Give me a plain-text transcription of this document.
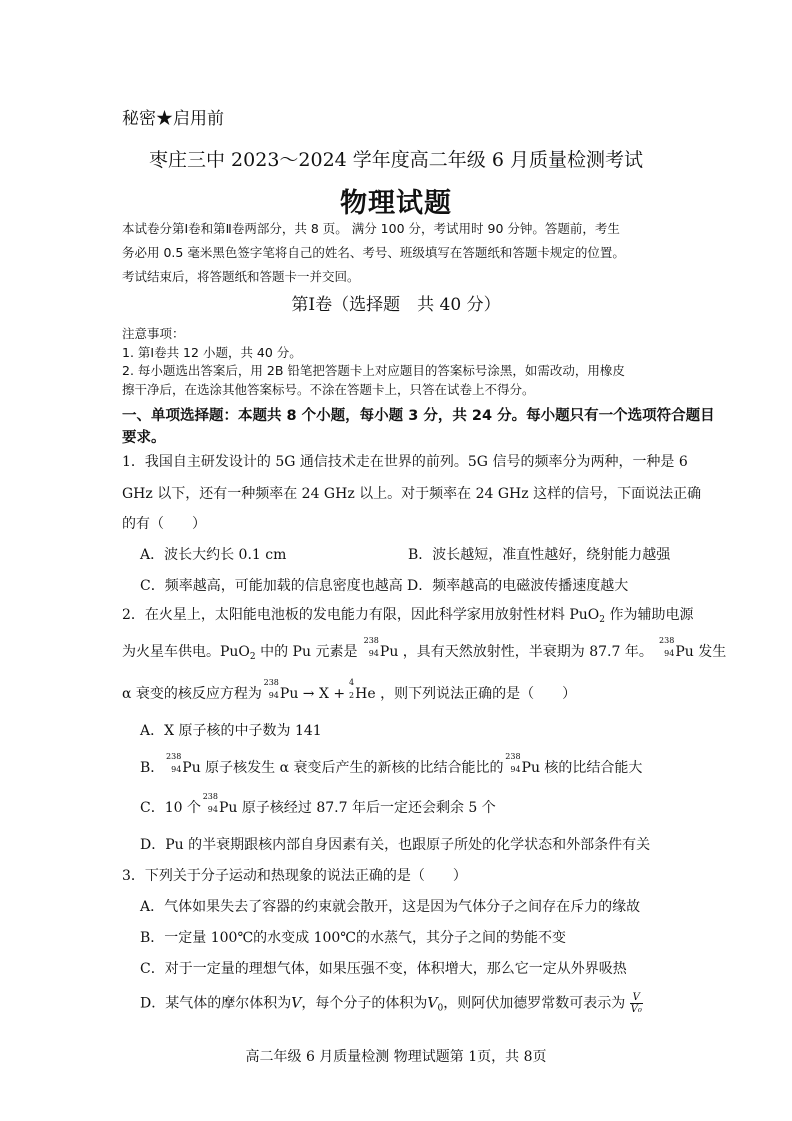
秘密★启用前
枣庄三中 2023～2024 学年度高二年级 6 月质量检测考试
物理试题
本试卷分第Ⅰ卷和第Ⅱ卷两部分，共 8 页。 满分 100 分，考试用时 90 分钟。答题前，考生
务必用 0.5 毫米黑色签字笔将自己的姓名、考号、班级填写在答题纸和答题卡规定的位置。
考试结束后，将答题纸和答题卡一并交回。
第Ⅰ卷（选择题　共 40 分）
注意事项：
1. 第Ⅰ卷共 12 小题，共 40 分。
2. 每小题选出答案后，用 2B 铅笔把答题卡上对应题目的答案标号涂黑，如需改动，用橡皮
擦干净后，在选涂其他答案标号。不涂在答题卡上，只答在试卷上不得分。
一、单项选择题：本题共 8 个小题，每小题 3 分，共 24 分。每小题只有一个选项符合题目
要求。
1．我国自主研发设计的 5G 通信技术走在世界的前列。5G 信号的频率分为两种，一种是 6
GHz 以下，还有一种频率在 24 GHz 以上。对于频率在 24 GHz 这样的信号，下面说法正确
的有（　　）
A．波长大约长 0.1 cm	B．波长越短，准直性越好，绕射能力越强
C．频率越高，可能加载的信息密度也越高 D．频率越高的电磁波传播速度越大
2．在火星上，太阳能电池板的发电能力有限，因此科学家用放射性材料 PuO$_2$ 作为辅助电源
为火星车供电。PuO$_2$ 中的 Pu 元素是
238
94 Pu ，具有天然放射性，半衰期为 87.7 年。
238
94 Pu 发生
α 衰变的核反应方程为
238
94 Pu → X +
4
2 He ，则下列说法正确的是（　　）
A．X 原子核的中子数为 141
B．
238
94 Pu 原子核发生 α 衰变后产生的新核的比结合能比的
238
94 Pu 核的比结合能大
C．10 个
238
94 Pu 原子核经过 87.7 年后一定还会剩余 5 个
D．Pu 的半衰期跟核内部自身因素有关，也跟原子所处的化学状态和外部条件有关
3．下列关于分子运动和热现象的说法正确的是（　　）
A．气体如果失去了容器的约束就会散开，这是因为气体分子之间存在斥力的缘故
B．一定量 100℃的水变成 100℃的水蒸气，其分子之间的势能不变
C．对于一定量的理想气体，如果压强不变，体积增大，那么它一定从外界吸热
D．某气体的摩尔体积为V，每个分子的体积为$V_0$，则阿伏加德罗常数可表示为 $\frac{V}{\text{V₀}}$
高二年级 6 月质量检测 物理试题第 1页，共 8页
